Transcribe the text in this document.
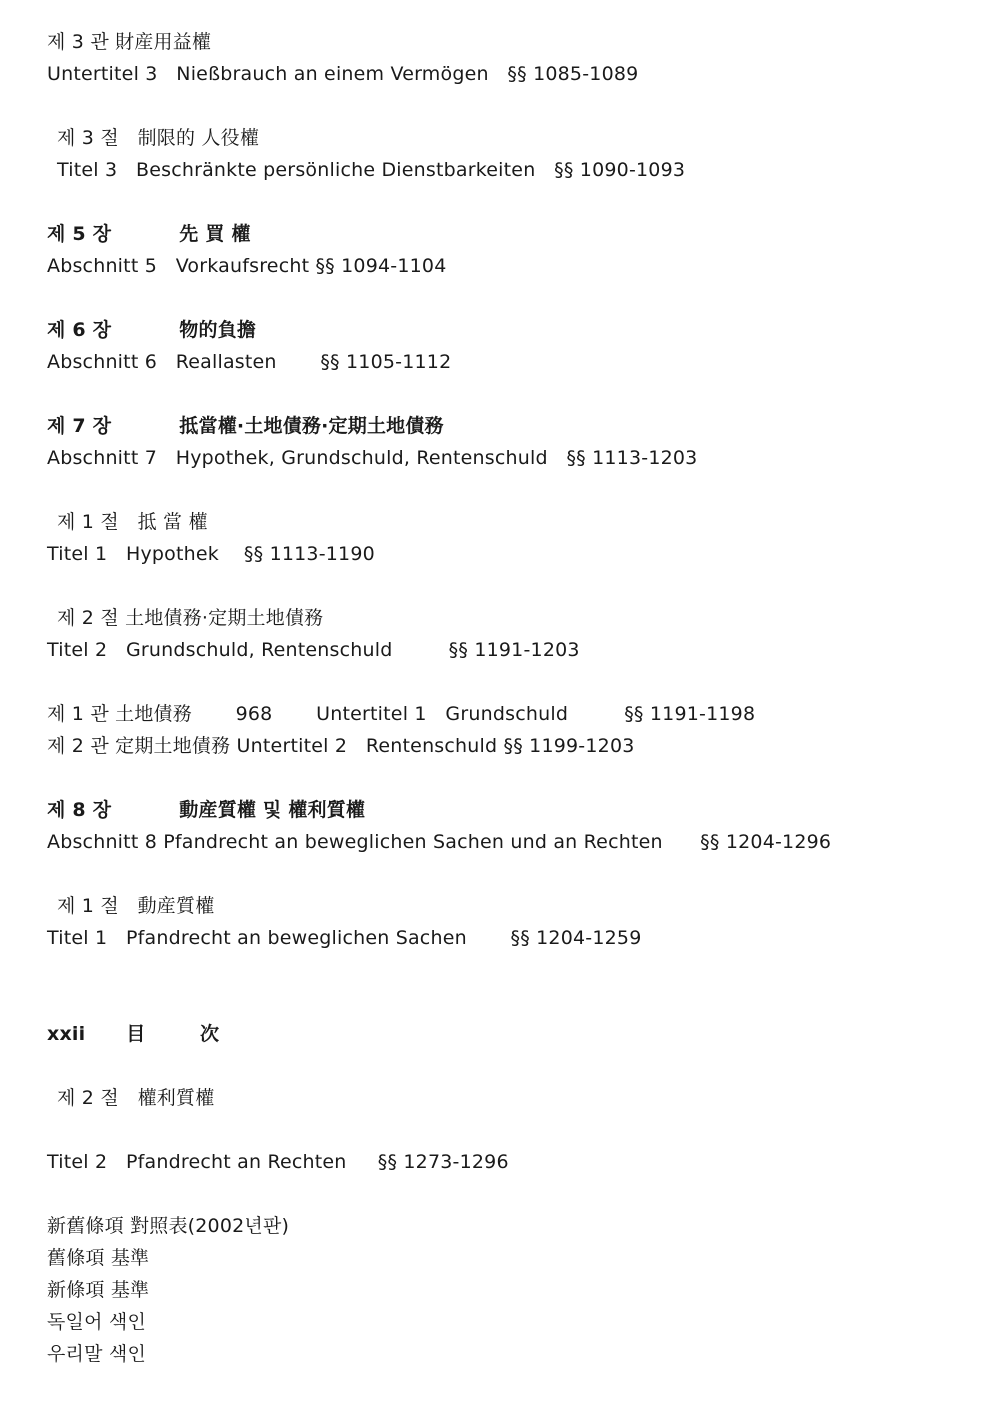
제 3 관 財産用益權
Untertitel 3   Nießbrauch an einem Vermögen   §§ 1085-1089
제 3 절   制限的 人役權
Titel 3   Beschränkte persönliche Dienstbarkeiten   §§ 1090-1093
제 5 장          先 買 權
Abschnitt 5   Vorkaufsrecht §§ 1094-1104
제 6 장          物的負擔
Abschnitt 6   Reallasten       §§ 1105-1112
제 7 장          抵當權·土地債務·定期土地債務
Abschnitt 7   Hypothek, Grundschuld, Rentenschuld   §§ 1113-1203
제 1 절   抵 當 權
Titel 1   Hypothek    §§ 1113-1190
제 2 절 土地債務·定期土地債務
Titel 2   Grundschuld, Rentenschuld         §§ 1191-1203
제 1 관 土地債務       968       Untertitel 1   Grundschuld         §§ 1191-1198
제 2 관 定期土地債務 Untertitel 2   Rentenschuld §§ 1199-1203
제 8 장          動産質權 및 權利質權
Abschnitt 8 Pfandrecht an beweglichen Sachen und an Rechten      §§ 1204-1296
제 1 절   動産質權
Titel 1   Pfandrecht an beweglichen Sachen       §§ 1204-1259
xxii      目        次
제 2 절   權利質權
Titel 2   Pfandrecht an Rechten     §§ 1273-1296
新舊條項 對照表(2002년판)
舊條項 基準
新條項 基準
독일어 색인
우리말 색인
